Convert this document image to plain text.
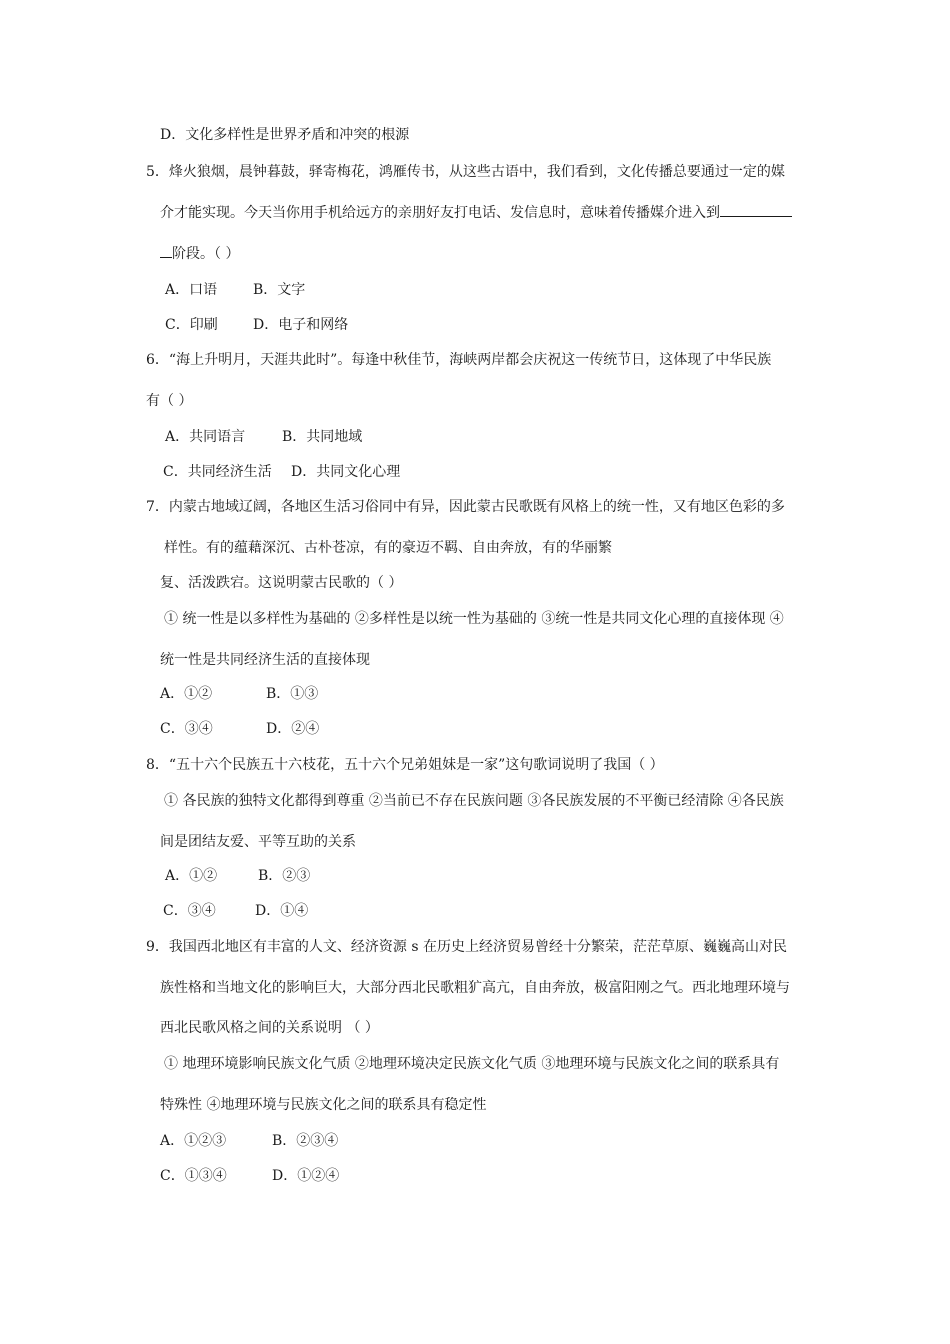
D．文化多样性是世界矛盾和冲突的根源
5．烽火狼烟，晨钟暮鼓，驿寄梅花，鸿雁传书，从这些古语中，我们看到，文化传播总要通过一定的媒
介才能实现。今天当你用手机给远方的亲朋好友打电话、发信息时，意味着传播媒介进入到
阶段。（ ）
A．口语	B．文字
C．印刷	D．电子和网络
6．“海上升明月，天涯共此时”。每逢中秋佳节，海峡两岸都会庆祝这一传统节日，这体现了中华民族
有（ ）
A．共同语言	B．共同地域
C．共同经济生活 D．共同文化心理
7．内蒙古地域辽阔，各地区生活习俗同中有异，因此蒙古民歌既有风格上的统一性，又有地区色彩的多
样性。有的蕴藉深沉、古朴苍凉，有的豪迈不羁、自由奔放，有的华丽繁
复、活泼跌宕。这说明蒙古民歌的（ ）
① 统一性是以多样性为基础的 ②多样性是以统一性为基础的 ③统一性是共同文化心理的直接体现 ④
统一性是共同经济生活的直接体现
A．①②	B．①③
C．③④	D．②④
8．“五十六个民族五十六枝花，五十六个兄弟姐妹是一家”这句歌词说明了我国（ ）
① 各民族的独特文化都得到尊重 ②当前已不存在民族问题 ③各民族发展的不平衡已经清除 ④各民族
间是团结友爱、平等互助的关系
A．①②	B．②③
C．③④	D．①④
9．我国西北地区有丰富的人文、经济资源 s 在历史上经济贸易曾经十分繁荣，茫茫草原、巍巍高山对民
族性格和当地文化的影响巨大，大部分西北民歌粗犷高亢，自由奔放，极富阳刚之气。西北地理环境与
西北民歌风格之间的关系说明 （ ）
① 地理环境影响民族文化气质 ②地理环境决定民族文化气质 ③地理环境与民族文化之间的联系具有
特殊性 ④地理环境与民族文化之间的联系具有稳定性
A．①②③	B．②③④
C．①③④	D．①②④
